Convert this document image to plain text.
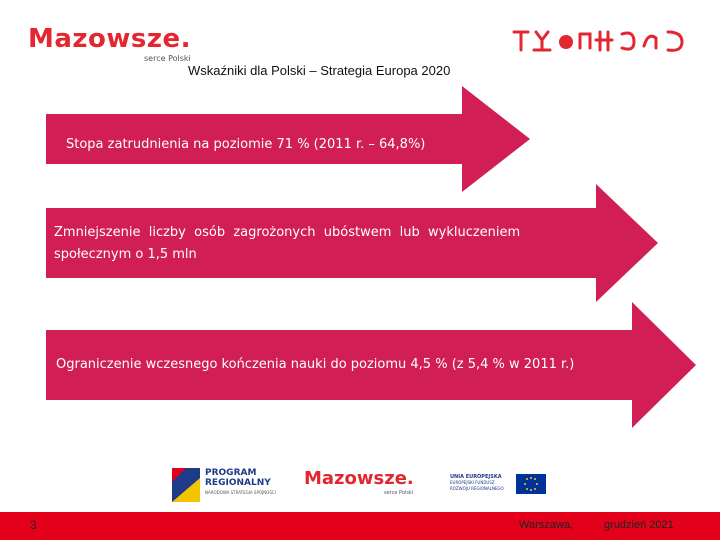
Mazowsze.
serce Polski
Wskaźniki dla Polski – Strategia Europa 2020
Stopa zatrudnienia na poziomie 71 % (2011 r. – 64,8%)
Zmniejszenie  liczby  osób  zagrożonych  ubóstwem  lub  wykluczeniem
społecznym o 1,5 mln
Ograniczenie wczesnego kończenia nauki do poziomu 4,5 % (z 5,4 % w 2011 r.)
PROGRAM
REGIONALNY
NARODOWA STRATEGIA SPÓJNOŚCI
Mazowsze.
serce Polski
UNIA EUROPEJSKA
EUROPEJSKI FUNDUSZ
ROZWOJU REGIONALNEGO
3	Warszawa,	grudzień 2021
